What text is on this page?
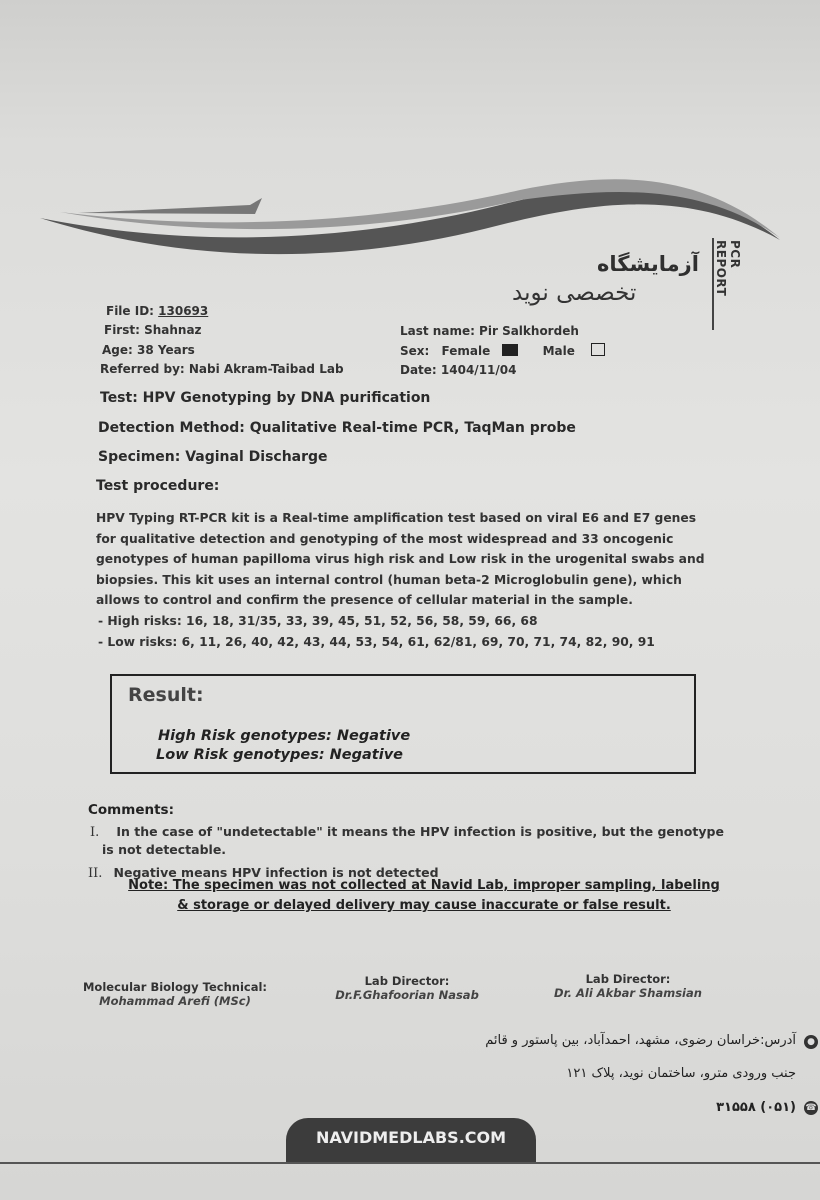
PCR REPORT
آزمایشگاه
تخصصی نوید
File ID: 130693
First: Shahnaz	Last name: Pir Salkhordeh
Age: 38 Years	Sex: Female	Male
Referred by: Nabi Akram-Taibad Lab	Date: 1404/11/04
Test: HPV Genotyping by DNA purification
Detection Method: Qualitative Real-time PCR, TaqMan probe
Specimen: Vaginal Discharge
Test procedure:
HPV Typing RT-PCR kit is a Real-time amplification test based on viral E6 and E7 genes for qualitative detection and genotyping of the most widespread and 33 oncogenic genotypes of human papilloma virus high risk and Low risk in the urogenital swabs and biopsies. This kit uses an internal control (human beta-2 Microglobulin gene), which allows to control and confirm the presence of cellular material in the sample.
- High risks: 16, 18, 31/35, 33, 39, 45, 51, 52, 56, 58, 59, 66, 68
- Low risks: 6, 11, 26, 40, 42, 43, 44, 53, 54, 61, 62/81, 69, 70, 71, 74, 82, 90, 91
Result:
High Risk genotypes: Negative
Low Risk genotypes: Negative
Comments:
I. In the case of "undetectable" it means the HPV infection is positive, but the genotype
is not detectable.
II. Negative means HPV infection is not detected
Note: The specimen was not collected at Navid Lab, improper sampling, labeling & storage or delayed delivery may cause inaccurate or false result.
Molecular Biology Technical:
Mohammad Arefi (MSc)
Lab Director:
Dr.F.Ghafoorian Nasab
Lab Director:
Dr. Ali Akbar Shamsian
●
آدرس:خراسان رضوی، مشهد، احمدآباد، بین پاستور و قائم
جنب ورودی مترو، ساختمان نوید، پلاک ۱۲۱
☎
(۰۵۱) ۳۱۵۵۸
NAVIDMEDLABS.COM
